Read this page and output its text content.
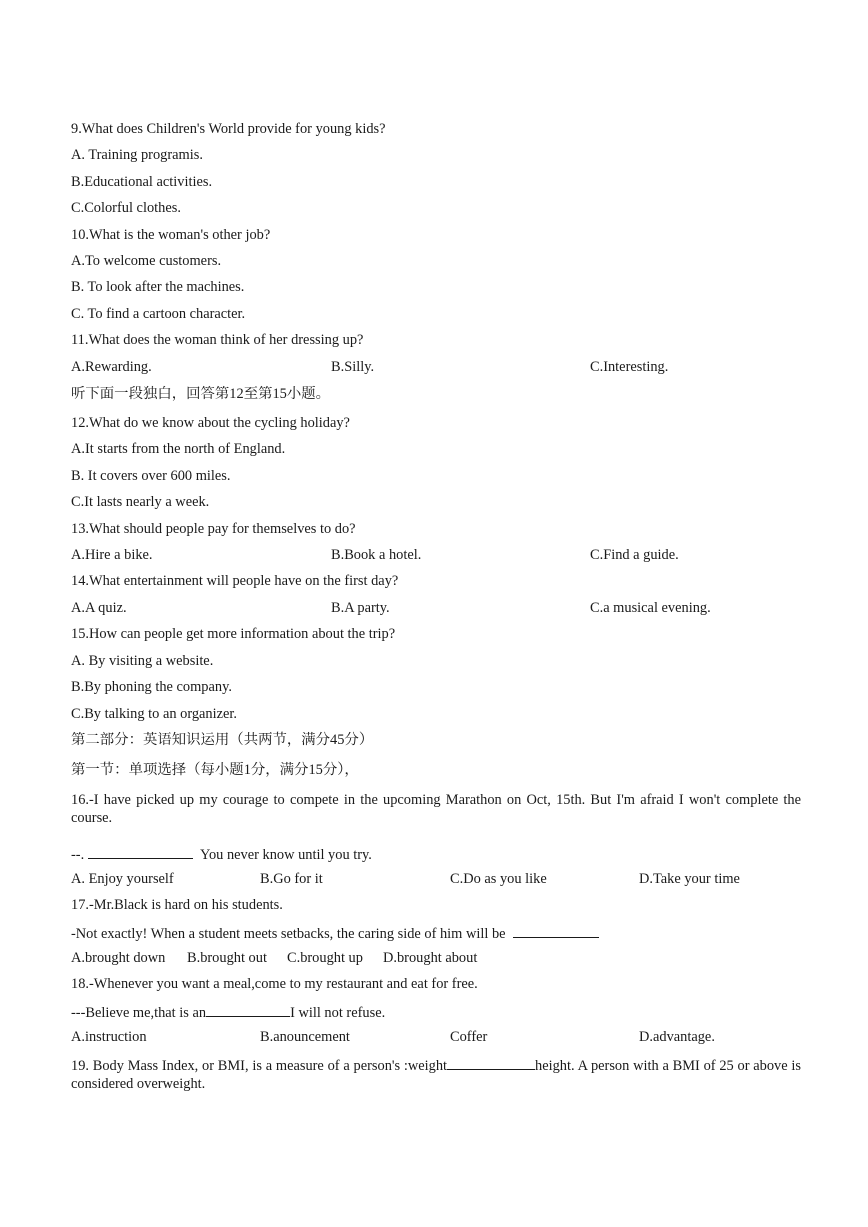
9.What does Children's World provide for young kids?
A. Training programis.
B.Educational activities.
C.Colorful clothes.
10.What is the woman's other job?
A.To welcome customers.
B. To look after the machines.
C. To find a cartoon character.
11.What does the woman think of her dressing up?
A.Rewarding.	B.Silly.	C.Interesting.
听下面一段独白，回答第12至第15小题。
12.What do we know about the cycling holiday?
A.It starts from the north of England.
B. It covers over 600 miles.
C.It lasts nearly a week.
13.What should people pay for themselves to do?
A.Hire a bike.	B.Book a hotel.	C.Find a guide.
14.What entertainment will people have on the first day?
A.A quiz.	B.A party.	C.a musical evening.
15.How can people get more information about the trip?
A. By visiting a website.
B.By phoning the company.
C.By talking to an organizer.
第二部分：英语知识运用（共两节，满分45分）
第一节：单项选择（每小题1分，满分15分），
16.-I have picked up my courage to compete in the upcoming Marathon on Oct, 15th. But I'm afraid I won't complete the course.
--.	You never know until you try.
A. Enjoy yourself	B.Go for it	C.Do as you like	D.Take your time
17.-Mr.Black is hard on his students.
-Not exactly! When a student meets setbacks, the caring side of him will be
A.brought down B.brought out C.brought up D.brought about
18.-Whenever you want a meal,come to my restaurant and eat for free.
---Believe me,that is an	I will not refuse.
A.instruction	B.anouncement	Coffer	D.advantage.
19. Body Mass Index, or BMI, is a measure of a person's :weight	height. A person with a BMI of 25 or above is considered overweight.
